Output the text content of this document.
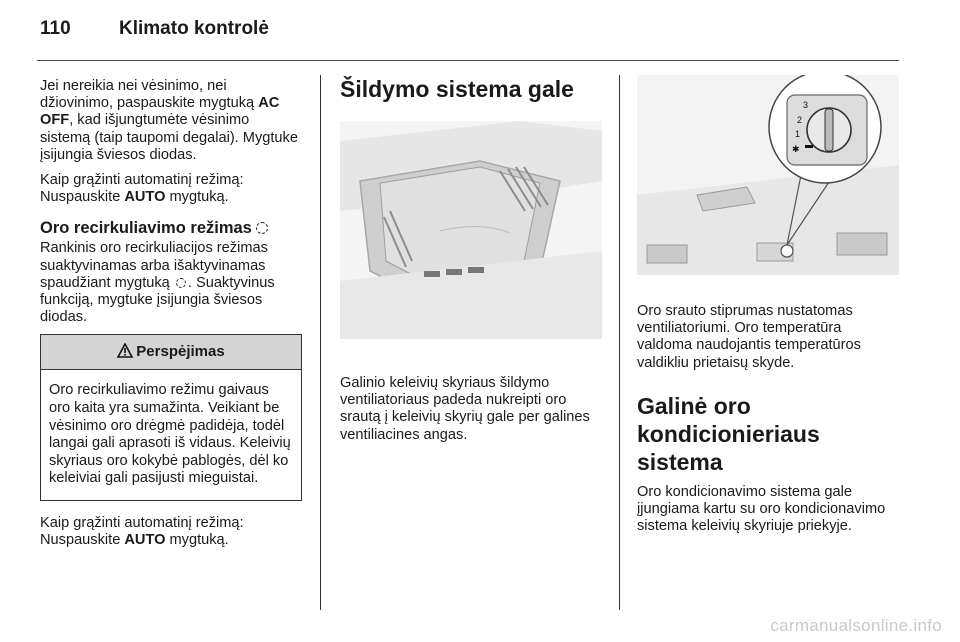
110	Klimato kontrolė

Jei nereikia nei vėsinimo, nei džiovinimo, paspauskite mygtuką AC OFF, kad išjungtumėte vėsinimo sistemą (taip taupomi degalai). Mygtuke įsijungia šviesos diodas.

Kaip grąžinti automatinį režimą:
Nuspauskite AUTO mygtuką.

Oro recirkuliavimo režimas

Rankinis oro recirkuliacijos režimas suaktyvinamas arba išaktyvinamas spaudžiant mygtuką . Suaktyvinus funkciją, mygtuke įsijungia šviesos diodas.

Perspėjimas
Oro recirkuliavimo režimu gaivaus oro kaita yra sumažinta. Veikiant be vėsinimo oro drėgmė padidėja, todėl langai gali aprasoti iš vidaus. Keleivių skyriaus oro kokybė pablogės, dėl ko keleiviai gali pasijusti mieguistai.

Kaip grąžinti automatinį režimą:
Nuspauskite AUTO mygtuką.

Šildymo sistema gale

Galinio keleivių skyriaus šildymo ventiliatoriaus padeda nukreipti oro srautą į keleivių skyrių gale per galines ventiliacines angas.

3
2
1
✱

Oro srauto stiprumas nustatomas ventiliatoriumi. Oro temperatūra valdoma naudojantis temperatūros valdikliu prietaisų skyde.

Galinė oro kondicionieriaus sistema

Oro kondicionavimo sistema gale įjungiama kartu su oro kondicionavimo sistema keleivių skyriuje priekyje.

carmanualsonline.info
